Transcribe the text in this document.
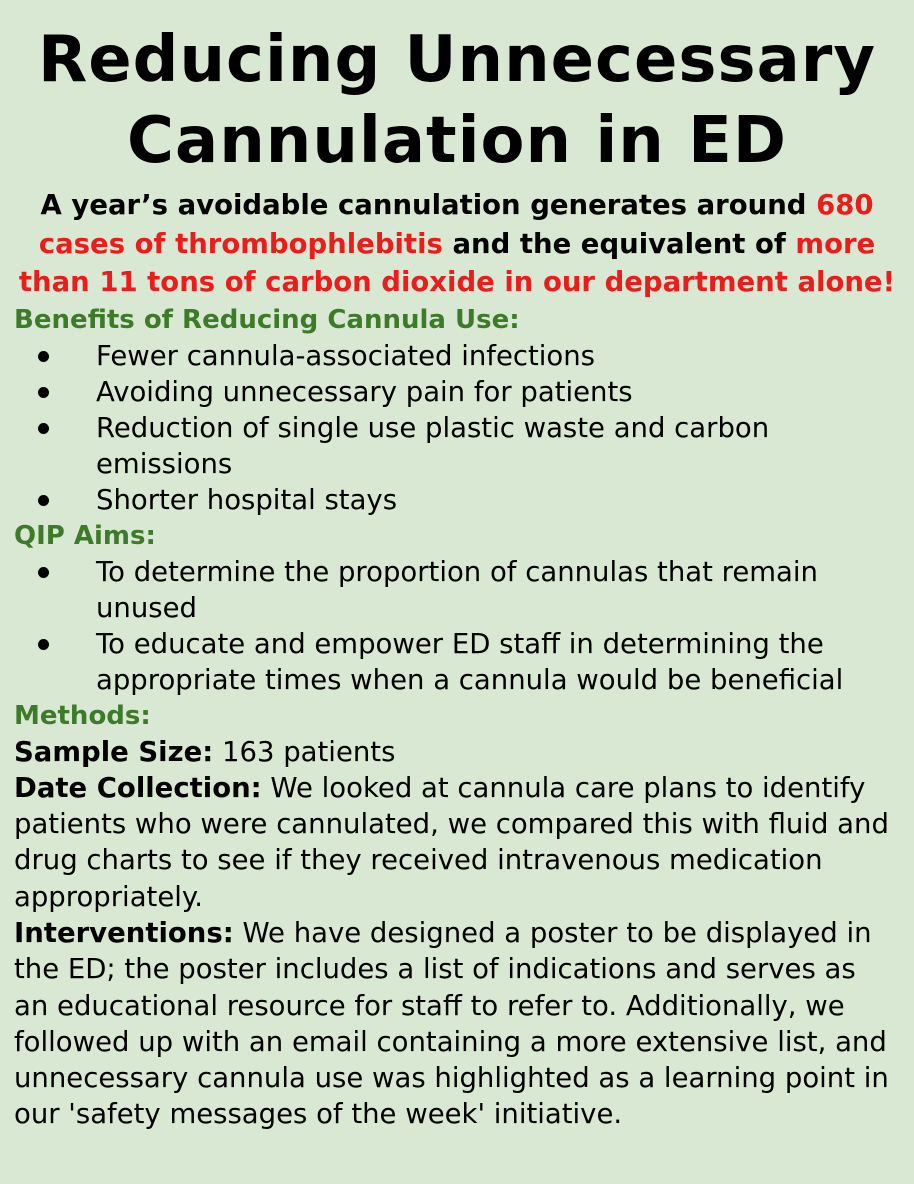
Reducing Unnecessary
Cannulation in ED

A year’s avoidable cannulation generates around 680 cases of thrombophlebitis and the equivalent of more than 11 tons of carbon dioxide in our department alone!

Benefits of Reducing Cannula Use:
Fewer cannula-associated infections
Avoiding unnecessary pain for patients
Reduction of single use plastic waste and carbon emissions
Shorter hospital stays
QIP Aims:
To determine the proportion of cannulas that remain unused
To educate and empower ED staff in determining the appropriate times when a cannula would be beneficial
Methods:

Sample Size: 163 patients

Date Collection: We looked at cannula care plans to identify patients who were cannulated, we compared this with fluid and drug charts to see if they received intravenous medication appropriately.

Interventions: We have designed a poster to be displayed in the ED; the poster includes a list of indications and serves as an educational resource for staff to refer to. Additionally, we followed up with an email containing a more extensive list, and unnecessary cannula use was highlighted as a learning point in our 'safety messages of the week' initiative.
